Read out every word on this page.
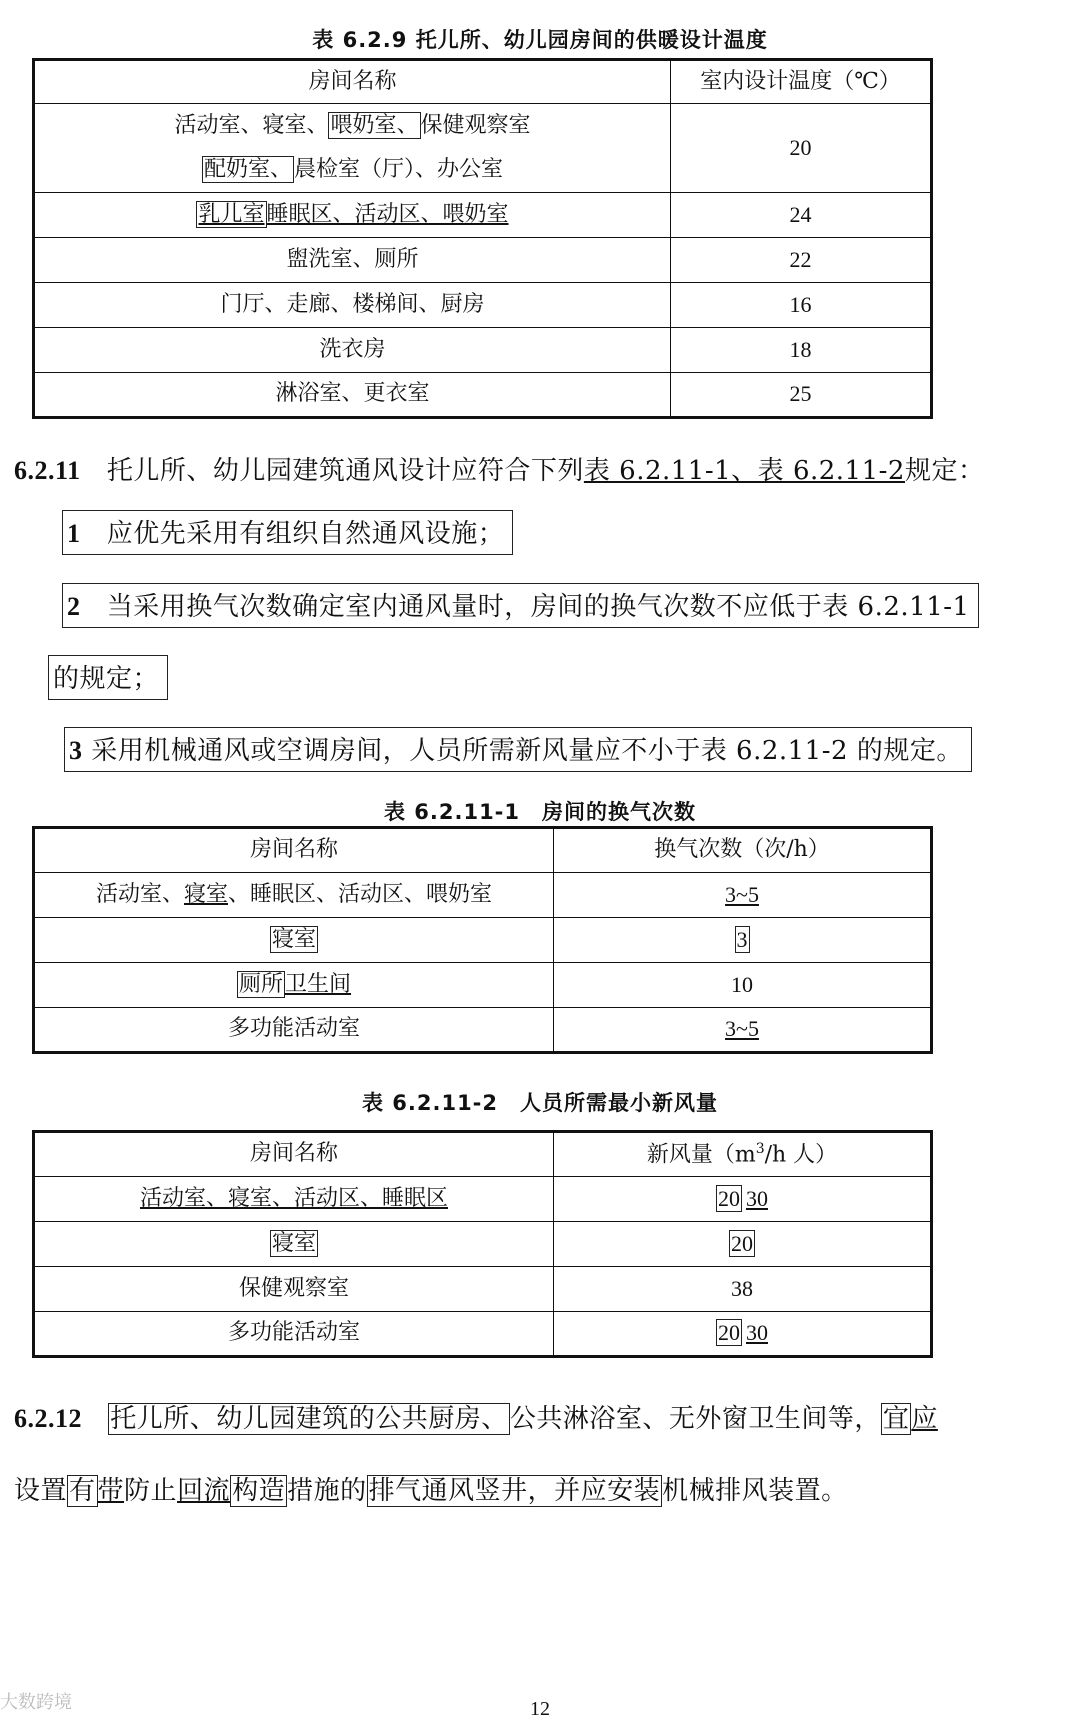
表 6.2.9 托儿所、幼儿园房间的供暖设计温度
房间名称	室内设计温度（℃）
活动室、寝室、喂奶室、保健观察室
配奶室、晨检室（厅）、办公室	20
乳儿室睡眠区、活动区、喂奶室	24
盥洗室、厕所	22
门厅、走廊、楼梯间、厨房	16
洗衣房	18
淋浴室、更衣室	25
6.2.11 托儿所、幼儿园建筑通风设计应符合下列表 6.2.11-1、表 6.2.11-2规定：
1 应优先采用有组织自然通风设施；
2 当采用换气次数确定室内通风量时，房间的换气次数不应低于表 6.2.11-1
的规定；
3 采用机械通风或空调房间，人员所需新风量应不小于表 6.2.11-2 的规定。
表 6.2.11-1　房间的换气次数
房间名称	换气次数（次/h）
活动室、寝室、睡眠区、活动区、喂奶室	3~5
寝室	3
厕所卫生间	10
多功能活动室	3~5
表 6.2.11-2　人员所需最小新风量
房间名称	新风量（$m^3/h$ 人）
活动室、寝室、活动区、睡眠区	20 30
寝室	20
保健观察室	38
多功能活动室	20 30
6.2.12 托儿所、幼儿园建筑的公共厨房、公共淋浴室、无外窗卫生间等，宜应
设置有带防止回流构造措施的排气通风竖井，并应安装机械排风装置。
大数跨境	12
